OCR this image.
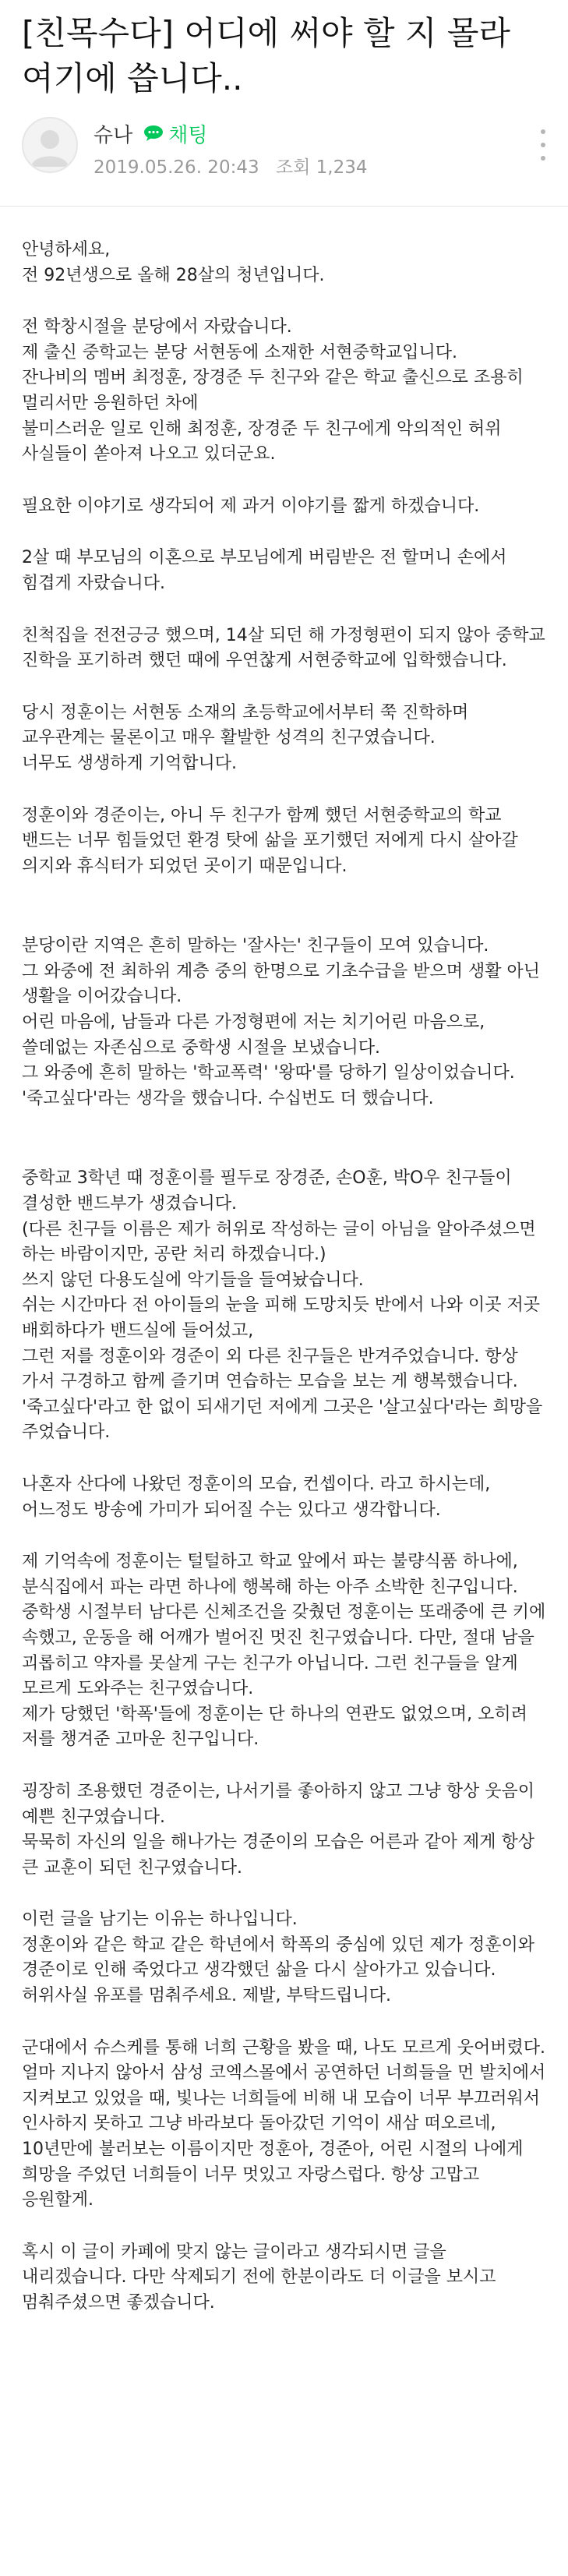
[친목수다] 어디에 써야 할 지 몰라 여기에 씁니다..
슈나 채팅
2019.05.26. 20:43 조회 1,234

안녕하세요,

전 92년생으로 올해 28살의 청년입니다.

전 학창시절을 분당에서 자랐습니다.

제 출신 중학교는 분당 서현동에 소재한 서현중학교입니다.

잔나비의 멤버 최정훈, 장경준 두 친구와 같은 학교 출신으로 조용히 멀리서만 응원하던 차에

불미스러운 일로 인해 최정훈, 장경준 두 친구에게 악의적인 허위 사실들이 쏟아져 나오고 있더군요.

필요한 이야기로 생각되어 제 과거 이야기를 짧게 하겠습니다.

2살 때 부모님의 이혼으로 부모님에게 버림받은 전 할머니 손에서 힘겹게 자랐습니다.

친척집을 전전긍긍 했으며, 14살 되던 해 가정형편이 되지 않아 중학교 진학을 포기하려 했던 때에 우연찮게 서현중학교에 입학했습니다.

당시 정훈이는 서현동 소재의 초등학교에서부터 쭉 진학하며 교우관계는 물론이고 매우 활발한 성격의 친구였습니다.

너무도 생생하게 기억합니다.

정훈이와 경준이는, 아니 두 친구가 함께 했던 서현중학교의 학교 밴드는 너무 힘들었던 환경 탓에 삶을 포기했던 저에게 다시 살아갈 의지와 휴식터가 되었던 곳이기 때문입니다.

분당이란 지역은 흔히 말하는 '잘사는' 친구들이 모여 있습니다.

그 와중에 전 최하위 계층 중의 한명으로 기초수급을 받으며 생활 아닌 생활을 이어갔습니다.

어린 마음에, 남들과 다른 가정형편에 저는 치기어린 마음으로, 쓸데없는 자존심으로 중학생 시절을 보냈습니다.

그 와중에 흔히 말하는 '학교폭력' '왕따'를 당하기 일상이었습니다.

'죽고싶다'라는 생각을 했습니다. 수십번도 더 했습니다.

중학교 3학년 때 정훈이를 필두로 장경준, 손O훈, 박O우 친구들이 결성한 밴드부가 생겼습니다.

(다른 친구들 이름은 제가 허위로 작성하는 글이 아님을 알아주셨으면 하는 바람이지만, 공란 처리 하겠습니다.)

쓰지 않던 다용도실에 악기들을 들여놨습니다.

쉬는 시간마다 전 아이들의 눈을 피해 도망치듯 반에서 나와 이곳 저곳 배회하다가 밴드실에 들어섰고,

그런 저를 정훈이와 경준이 외 다른 친구들은 반겨주었습니다. 항상 가서 구경하고 함께 즐기며 연습하는 모습을 보는 게 행복했습니다.

'죽고싶다'라고 한 없이 되새기던 저에게 그곳은 '살고싶다'라는 희망을 주었습니다.

나혼자 산다에 나왔던 정훈이의 모습, 컨셉이다. 라고 하시는데, 어느정도 방송에 가미가 되어질 수는 있다고 생각합니다.

제 기억속에 정훈이는 털털하고 학교 앞에서 파는 불량식품 하나에, 분식집에서 파는 라면 하나에 행복해 하는 아주 소박한 친구입니다.

중학생 시절부터 남다른 신체조건을 갖췄던 정훈이는 또래중에 큰 키에 속했고, 운동을 해 어깨가 벌어진 멋진 친구였습니다. 다만, 절대 남을 괴롭히고 약자를 못살게 구는 친구가 아닙니다. 그런 친구들을 알게 모르게 도와주는 친구였습니다.

제가 당했던 '학폭'들에 정훈이는 단 하나의 연관도 없었으며, 오히려 저를 챙겨준 고마운 친구입니다.

굉장히 조용했던 경준이는, 나서기를 좋아하지 않고 그냥 항상 웃음이 예쁜 친구였습니다.

묵묵히 자신의 일을 해나가는 경준이의 모습은 어른과 같아 제게 항상 큰 교훈이 되던 친구였습니다.

이런 글을 남기는 이유는 하나입니다.

정훈이와 같은 학교 같은 학년에서 학폭의 중심에 있던 제가 정훈이와 경준이로 인해 죽었다고 생각했던 삶을 다시 살아가고 있습니다.

허위사실 유포를 멈춰주세요. 제발, 부탁드립니다.

군대에서 슈스케를 통해 너희 근황을 봤을 때, 나도 모르게 웃어버렸다.

얼마 지나지 않아서 삼성 코엑스몰에서 공연하던 너희들을 먼 발치에서 지켜보고 있었을 때, 빛나는 너희들에 비해 내 모습이 너무 부끄러워서 인사하지 못하고 그냥 바라보다 돌아갔던 기억이 새삼 떠오르네,

10년만에 불러보는 이름이지만 정훈아, 경준아, 어린 시절의 나에게 희망을 주었던 너희들이 너무 멋있고 자랑스럽다. 항상 고맙고 응원할게.

혹시 이 글이 카페에 맞지 않는 글이라고 생각되시면 글을 내리겠습니다. 다만 삭제되기 전에 한분이라도 더 이글을 보시고 멈춰주셨으면 좋겠습니다.
